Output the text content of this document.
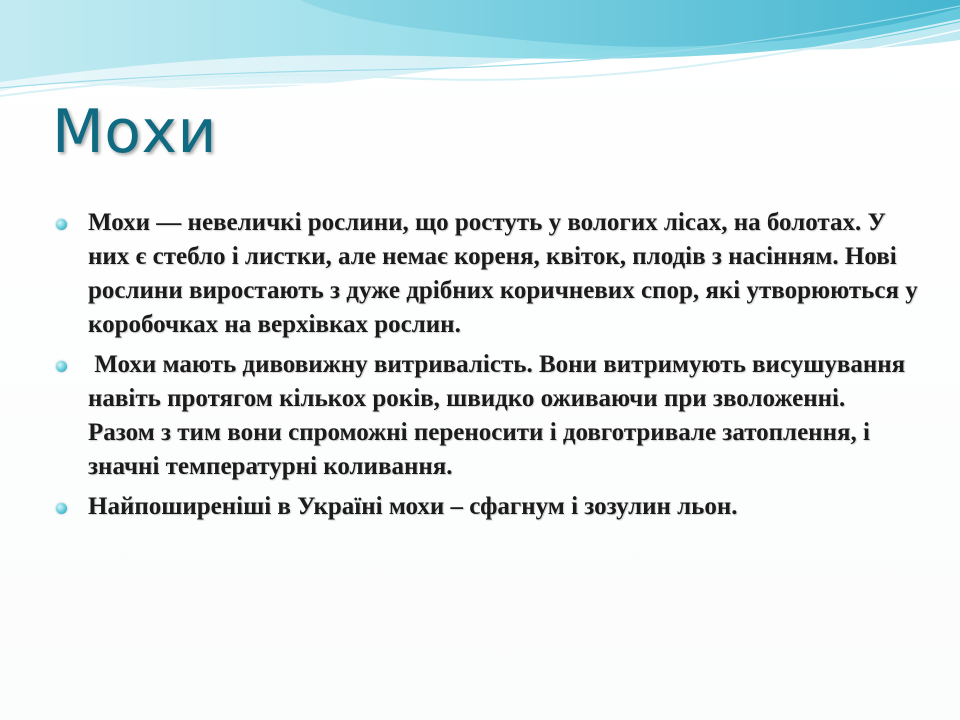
Мохи
Мохи — невеличкі рослини, що ростуть у вологих лісах, на болотах. У них є стебло і листки, але немає кореня, квіток, плодів з насінням. Нові рослини виростають з дуже дрібних коричневих спор, які утворюються у коробочках на верхівках рослин.
Мохи мають дивовижну витривалість. Вони витримують висушування навіть протягом кількох років, швидко оживаючи при зволоженні.  Разом з тим вони спроможні переносити і довготривале затоплення, і значні температурні коливання.
Найпоширеніші в Україні мохи – сфагнум і зозулин льон.
